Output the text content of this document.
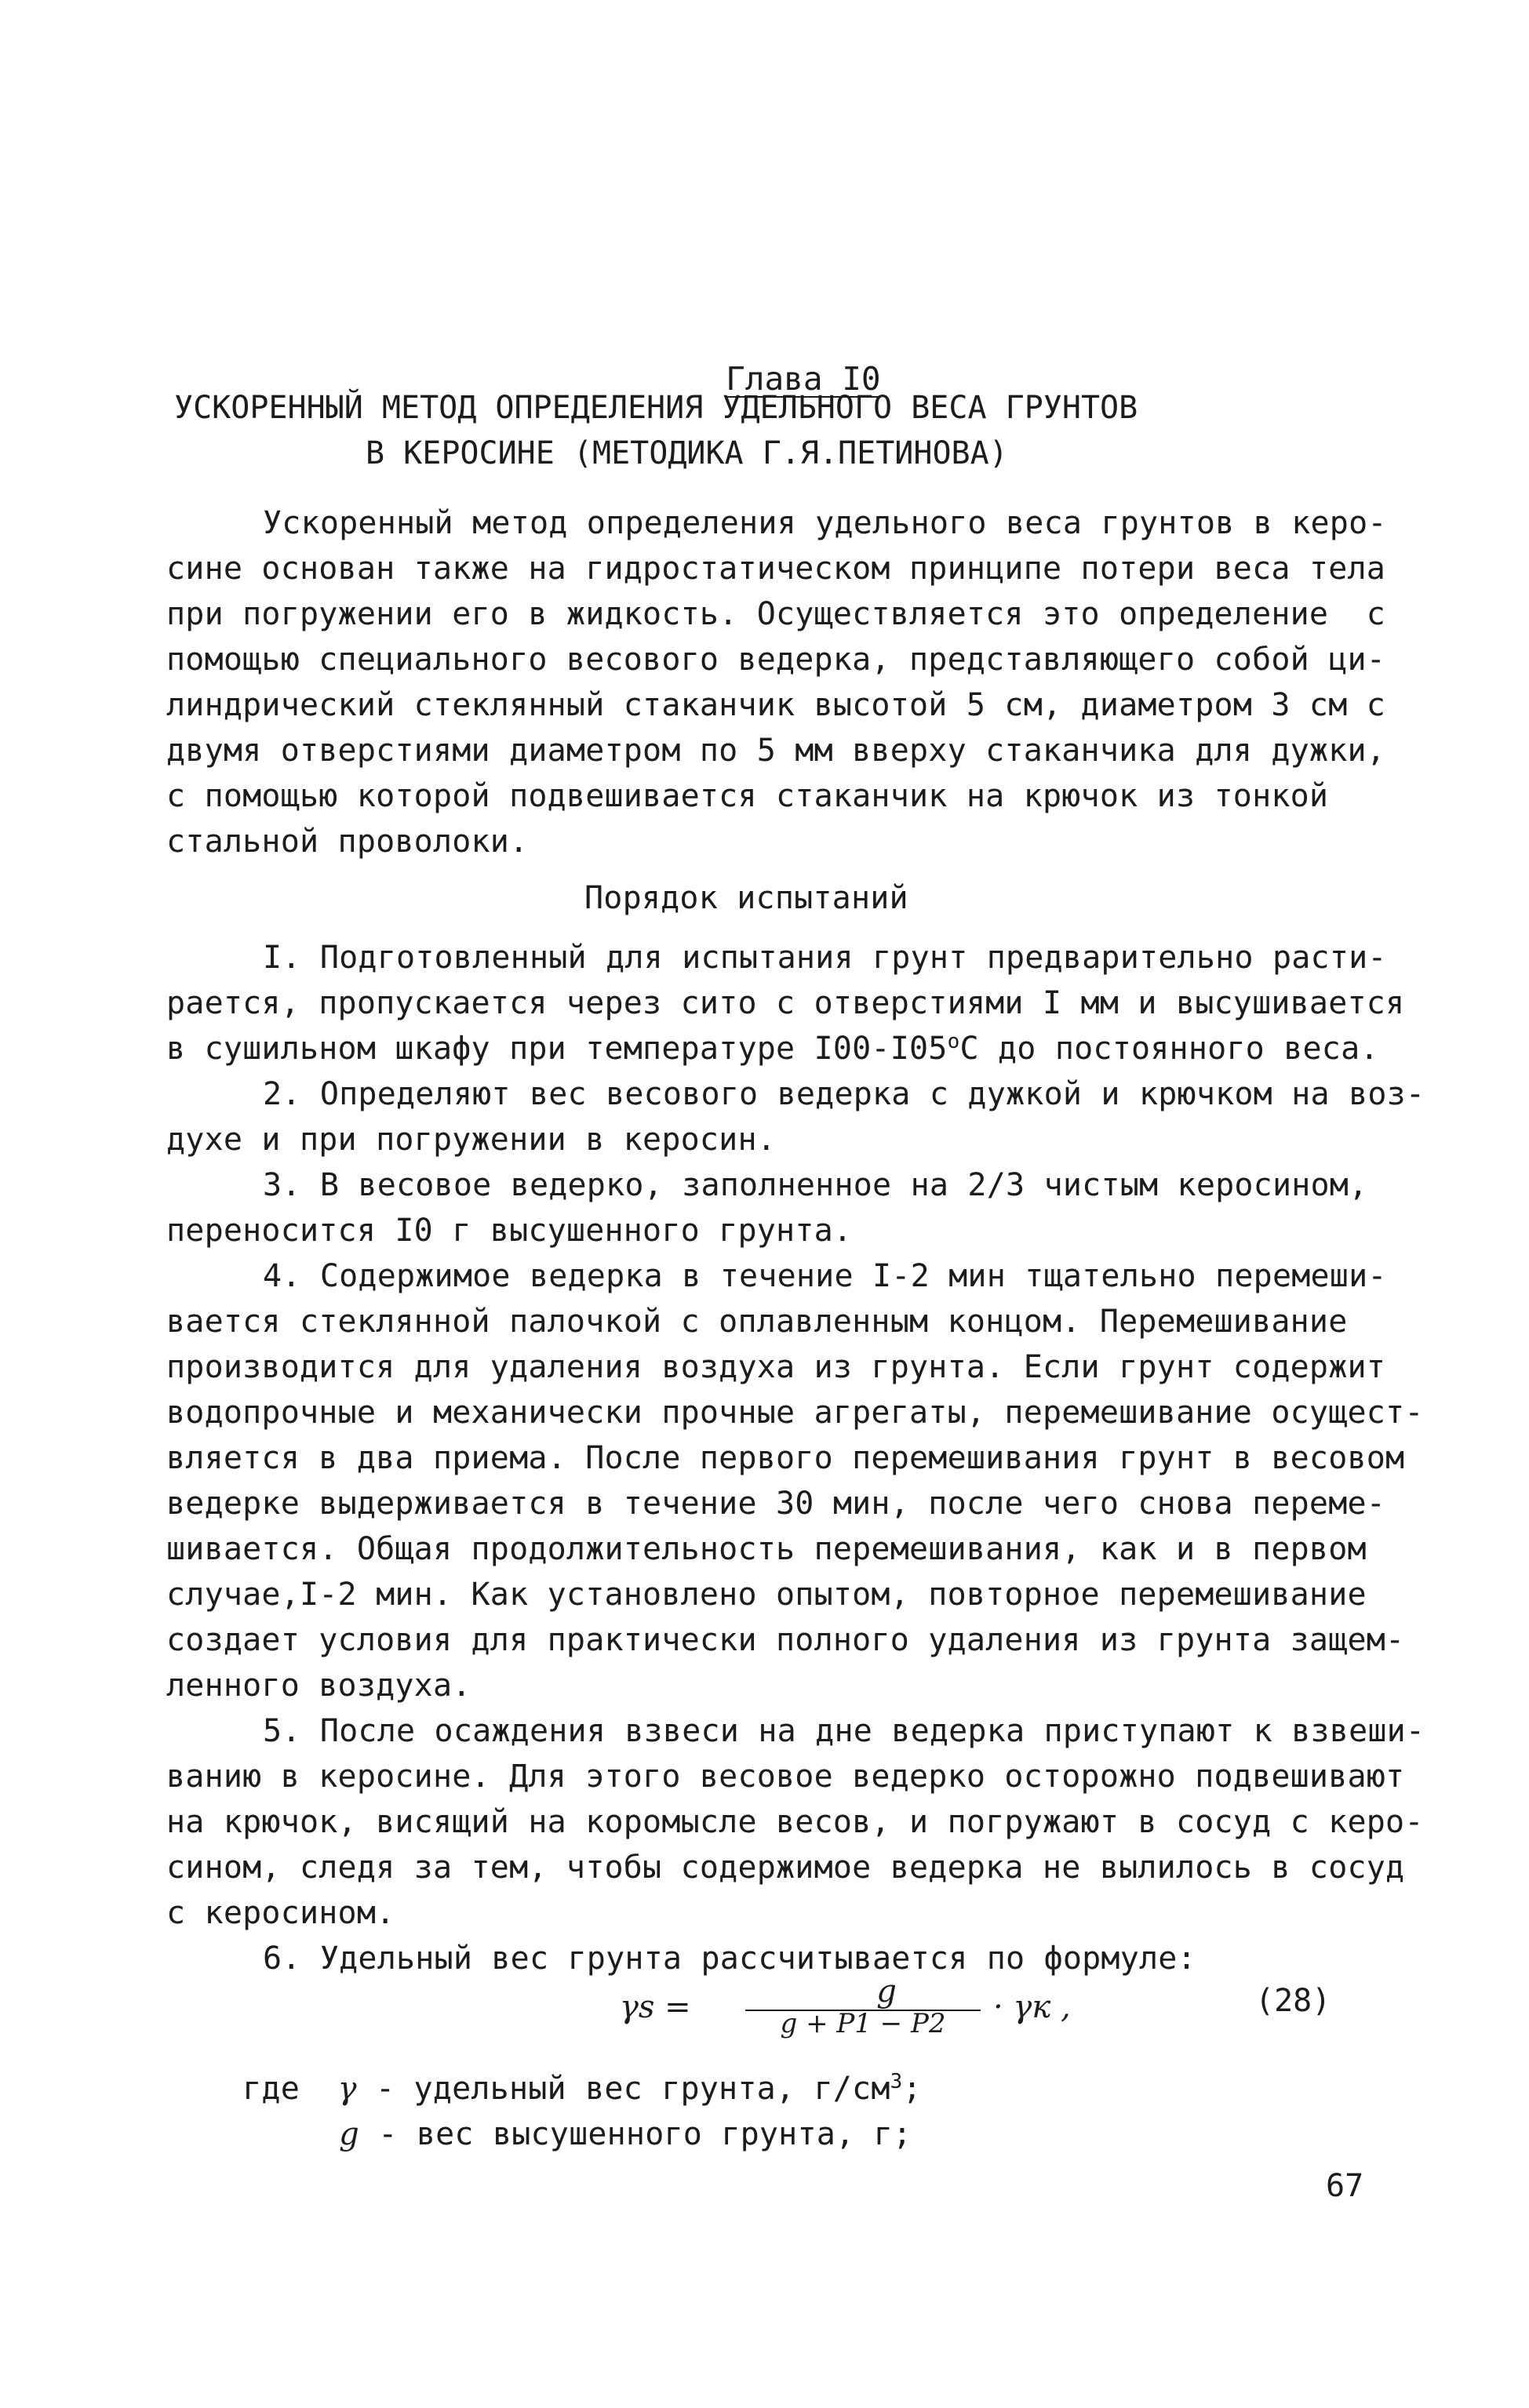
Глава I0

УСКОРЕННЫЙ МЕТОД ОПРЕДЕЛЕНИЯ УДЕЛЬНОГО ВЕСА ГРУНТОВ
В КЕРОСИНЕ (МЕТОДИКА Г.Я.ПЕТИНОВА)
Ускоренный метод определения удельного веса грунтов в керо-
сине основан также на гидростатическом принципе потери веса тела
при погружении его в жидкость. Осуществляется это определение  с
помощью специального весового ведерка, представляющего собой ци-
линдрический стеклянный стаканчик высотой 5 см, диаметром 3 см с
двумя отверстиями диаметром по 5 мм вверху стаканчика для дужки,
с помощью которой подвешивается стаканчик на крючок из тонкой
стальной проволоки.
Порядок испытаний
I. Подготовленный для испытания грунт предварительно расти-
рается, пропускается через сито с отверстиями I мм и высушивается
в сушильном шкафу при температуре $I00-I05^оС$ до постоянного веса.
2. Определяют вес весового ведерка с дужкой и крючком на воз-
духе и при погружении в керосин.
3. В весовое ведерко, заполненное на 2/3 чистым керосином,
переносится I0 г высушенного грунта.
4. Содержимое ведерка в течение I-2 мин тщательно перемеши-
вается стеклянной палочкой с оплавленным концом. Перемешивание
производится для удаления воздуха из грунта. Если грунт содержит
водопрочные и механически прочные агрегаты, перемешивание осущест-
вляется в два приема. После первого перемешивания грунт в весовом
ведерке выдерживается в течение 30 мин, после чего снова переме-
шивается. Общая продолжительность перемешивания, как и в первом
случае,I-2 мин. Как установлено опытом, повторное перемешивание
создает условия для практически полного удаления из грунта защем-
ленного воздуха.
5. После осаждения взвеси на дне ведерка приступают к взвеши-
ванию в керосине. Для этого весовое ведерко осторожно подвешивают
на крючок, висящий на коромысле весов, и погружают в сосуд с керо-
сином, следя за тем, чтобы содержимое ведерка не вылилось в сосуд
с керосином.
6. Удельный вес грунта рассчитывается по формуле:
γs =	g
g + P1 − P2	· γк ,	(28)

где γ - удельный вес грунта, $г/см^3$;

g - вес высушенного грунта, г;

67
